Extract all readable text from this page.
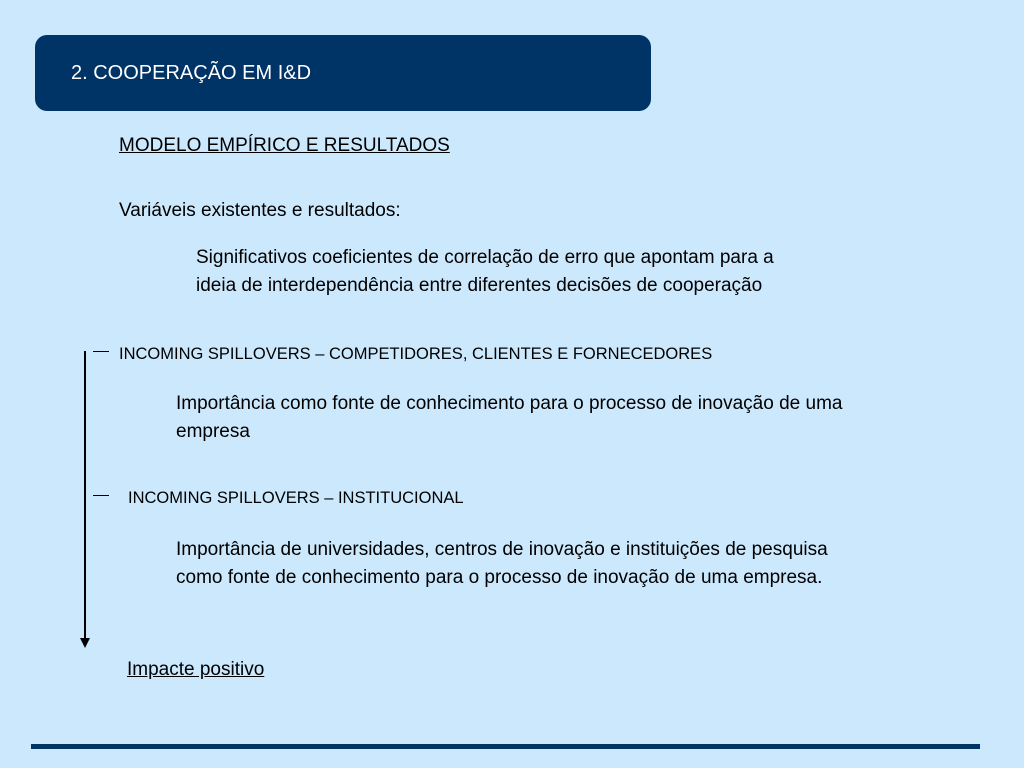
2. COOPERAÇÃO EM I&D
MODELO EMPÍRICO E RESULTADOS
Variáveis existentes e resultados:
Significativos coeficientes de correlação de erro que apontam para a
ideia de interdependência entre diferentes decisões de cooperação
INCOMING SPILLOVERS – COMPETIDORES, CLIENTES E FORNECEDORES
Importância como fonte de conhecimento para o processo de inovação de uma
empresa
INCOMING SPILLOVERS – INSTITUCIONAL
Importância de universidades, centros de inovação e instituições de pesquisa
como fonte de conhecimento para o processo de inovação de uma empresa.
Impacte positivo
